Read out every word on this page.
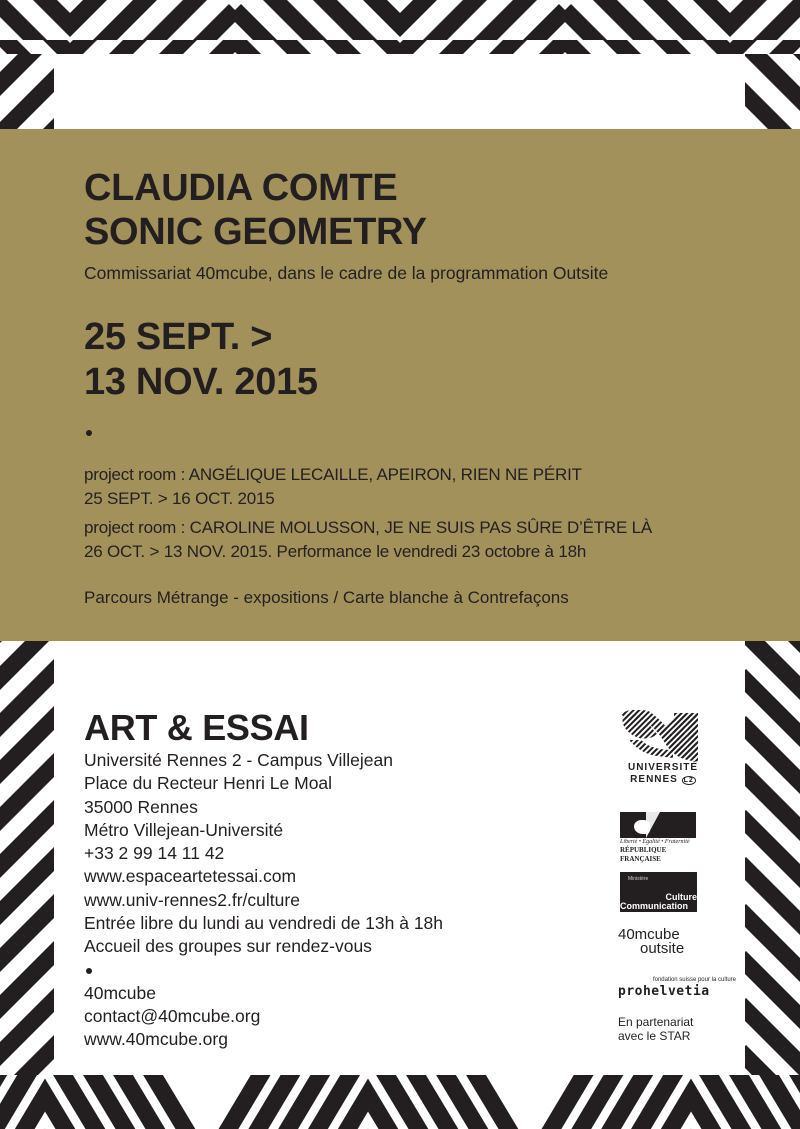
CLAUDIA COMTE
SONIC GEOMETRY
Commissariat 40mcube, dans le cadre de la programmation Outsite
25 SEPT. >
13 NOV. 2015
project room : ANGÉLIQUE LECAILLE, APEIRON, RIEN NE PÉRIT
25 SEPT. > 16 OCT. 2015
project room : CAROLINE MOLUSSON, JE NE SUIS PAS SÛRE D’ÊTRE LÀ
26 OCT. > 13 NOV. 2015. Performance le vendredi 23 octobre à 18h
Parcours Métrange - expositions / Carte blanche à Contrefaçons
ART & ESSAI
Université Rennes 2 - Campus Villejean
Place du Recteur Henri Le Moal
35000 Rennes
Métro Villejean-Université
+33 2 99 14 11 42
www.espaceartetessai.com
www.univ-rennes2.fr/culture
Entrée libre du lundi au vendredi de 13h à 18h
Accueil des groupes sur rendez-vous
40mcube
contact@40mcube.org
www.40mcube.org
UNIVERSITÉ
RENNES L2
Liberté • Égalité • Fraternité
RÉPUBLIQUE FRANÇAISE
Ministère
Culture
Communication
40mcube
outsite
fondation suisse pour la culture
prohelvetia
En partenariat
avec le STAR
